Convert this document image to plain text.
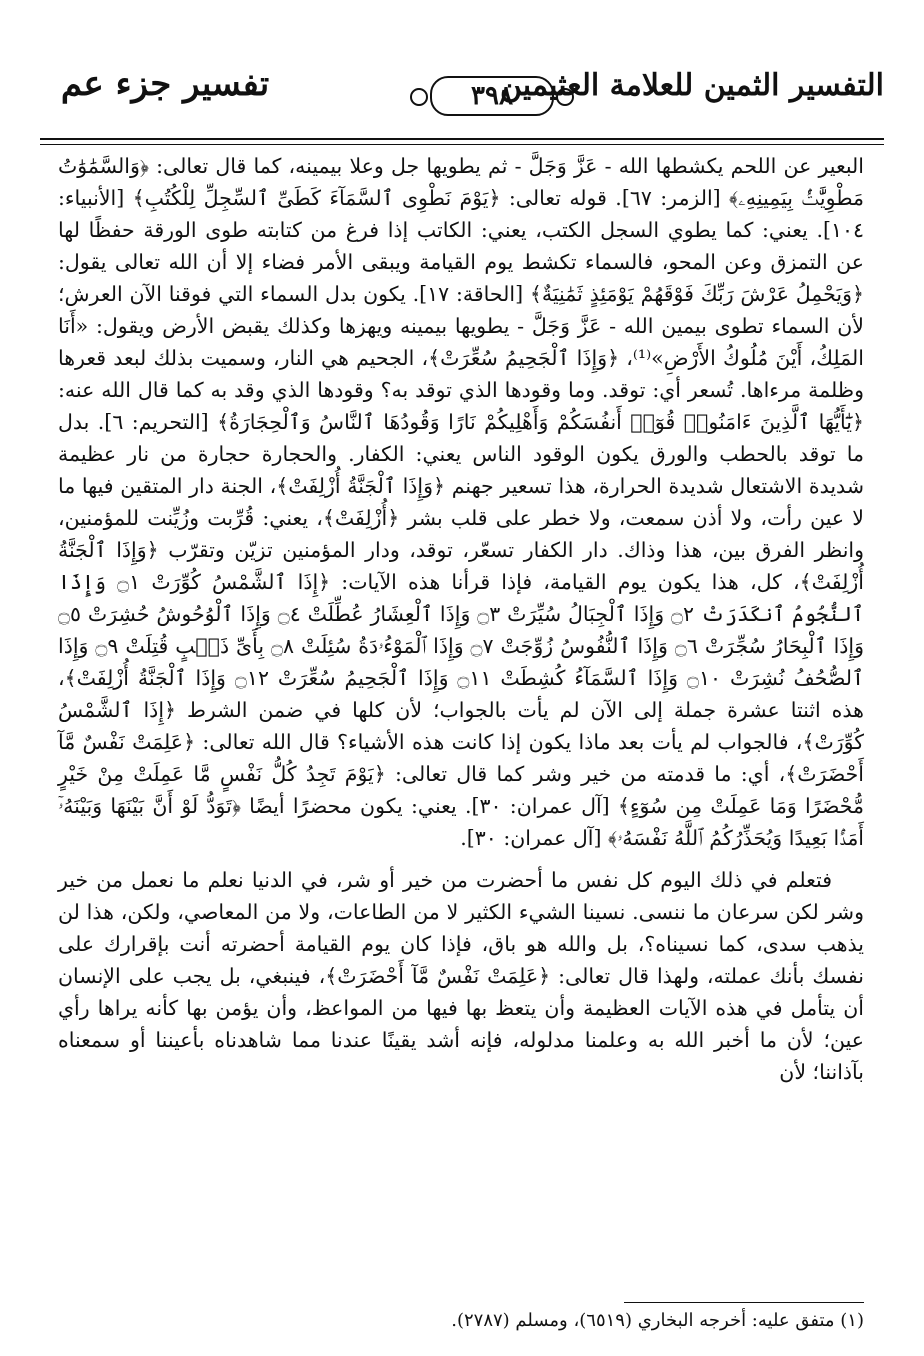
تفسير جزء عم	٣٩٨
التفسير الثمين للعلامة العثيمين

البعير عن اللحم يكشطها الله - عَزَّ وَجَلَّ - ثم يطويها جل وعلا بيمينه، كما قال تعالى: ﴿وَالسَّمَٰوَٰتُ مَطْوِيَّٰتُۢ بِيَمِينِهِۦ﴾ [الزمر: ٦٧]. قوله تعالى: ﴿يَوْمَ نَطْوِى ٱلسَّمَآءَ كَطَىِّ ٱلسِّجِلِّ لِلْكُتُبِ﴾ [الأنبياء: ١٠٤]. يعني: كما يطوي السجل الكتب، يعني: الكاتب إذا فرغ من كتابته طوى الورقة حفظًا لها عن التمزق وعن المحو، فالسماء تكشط يوم القيامة ويبقى الأمر فضاء إلا أن الله تعالى يقول: ﴿وَيَحْمِلُ عَرْشَ رَبِّكَ فَوْقَهُمْ يَوْمَئِذٍ ثَمَٰنِيَةٌ﴾ [الحاقة: ١٧]. يكون بدل السماء التي فوقنا الآن العرش؛ لأن السماء تطوى بيمين الله - عَزَّ وَجَلَّ - يطويها بيمينه ويهزها وكذلك يقبض الأرض ويقول: «أَنَا المَلِكُ، أَيْنَ مُلُوكُ الأَرْضِ»⁽¹⁾، ﴿وَإِذَا ٱلْجَحِيمُ سُعِّرَتْ﴾، الجحيم هي النار، وسميت بذلك لبعد قعرها وظلمة مرءاها. تُسعر أي: توقد. وما وقودها الذي توقد به؟ وقودها الذي وقد به كما قال الله عنه: ﴿يَٰٓأَيُّهَا ٱلَّذِينَ ءَامَنُوا۟ قُوٓا۟ أَنفُسَكُمْ وَأَهْلِيكُمْ نَارًا وَقُودُهَا ٱلنَّاسُ وَٱلْحِجَارَةُ﴾ [التحريم: ٦]. بدل ما توقد بالحطب والورق يكون الوقود الناس يعني: الكفار. والحجارة حجارة من نار عظيمة شديدة الاشتعال شديدة الحرارة، هذا تسعير جهنم ﴿وَإِذَا ٱلْجَنَّةُ أُزْلِفَتْ﴾، الجنة دار المتقين فيها ما لا عين رأت، ولا أذن سمعت، ولا خطر على قلب بشر ﴿أُزْلِفَتْ﴾، يعني: قُرِّبت وزُيِّنت للمؤمنين، وانظر الفرق بين، هذا وذاك. دار الكفار تسعّر، توقد، ودار المؤمنين تزيّن وتقرّب ﴿وَإِذَا ٱلْجَنَّةُ أُزْلِفَتْ﴾، كل، هذا يكون يوم القيامة، فإذا قرأنا هذه الآيات: ﴿إِذَا ٱلشَّمْسُ كُوِّرَتْ ۝١ وَإِذَا ٱلنُّجُومُ ٱنكَدَرَتْ ۝٢ وَإِذَا ٱلْجِبَالُ سُيِّرَتْ ۝٣ وَإِذَا ٱلْعِشَارُ عُطِّلَتْ ۝٤ وَإِذَا ٱلْوُحُوشُ حُشِرَتْ ۝٥ وَإِذَا ٱلْبِحَارُ سُجِّرَتْ ۝٦ وَإِذَا ٱلنُّفُوسُ زُوِّجَتْ ۝٧ وَإِذَا ٱلْمَوْءُۥدَةُ سُئِلَتْ ۝٨ بِأَىِّ ذَنۢبٍ قُتِلَتْ ۝٩ وَإِذَا ٱلصُّحُفُ نُشِرَتْ ۝١٠ وَإِذَا ٱلسَّمَآءُ كُشِطَتْ ۝١١ وَإِذَا ٱلْجَحِيمُ سُعِّرَتْ ۝١٢ وَإِذَا ٱلْجَنَّةُ أُزْلِفَتْ﴾، هذه اثنتا عشرة جملة إلى الآن لم يأت بالجواب؛ لأن كلها في ضمن الشرط ﴿إِذَا ٱلشَّمْسُ كُوِّرَتْ﴾، فالجواب لم يأت بعد ماذا يكون إذا كانت هذه الأشياء؟ قال الله تعالى: ﴿عَلِمَتْ نَفْسٌ مَّآ أَحْضَرَتْ﴾، أي: ما قدمته من خير وشر كما قال تعالى: ﴿يَوْمَ تَجِدُ كُلُّ نَفْسٍ مَّا عَمِلَتْ مِنْ خَيْرٍ مُّحْضَرًا وَمَا عَمِلَتْ مِن سُوٓءٍ﴾ [آل عمران: ٣٠]. يعني: يكون محضرًا أيضًا ﴿تَوَدُّ لَوْ أَنَّ بَيْنَهَا وَبَيْنَهُۥٓ أَمَدًۢا بَعِيدًا وَيُحَذِّرُكُمُ ٱللَّهُ نَفْسَهُۥ﴾ [آل عمران: ٣٠].

فتعلم في ذلك اليوم كل نفس ما أحضرت من خير أو شر، في الدنيا نعلم ما نعمل من خير وشر لكن سرعان ما ننسى. نسينا الشيء الكثير لا من الطاعات، ولا من المعاصي، ولكن، هذا لن يذهب سدى، كما نسيناه؟، بل والله هو باق، فإذا كان يوم القيامة أحضرته أنت بإقرارك على نفسك بأنك عملته، ولهذا قال تعالى: ﴿عَلِمَتْ نَفْسٌ مَّآ أَحْضَرَتْ﴾، فينبغي، بل يجب على الإنسان أن يتأمل في هذه الآيات العظيمة وأن يتعظ بها فيها من المواعظ، وأن يؤمن بها كأنه يراها رأي عين؛ لأن ما أخبر الله به وعلمنا مدلوله، فإنه أشد يقينًا عندنا مما شاهدناه بأعيننا أو سمعناه بآذاننا؛ لأن

(١) متفق عليه: أخرجه البخاري (٦٥١٩)، ومسلم (٢٧٨٧).
